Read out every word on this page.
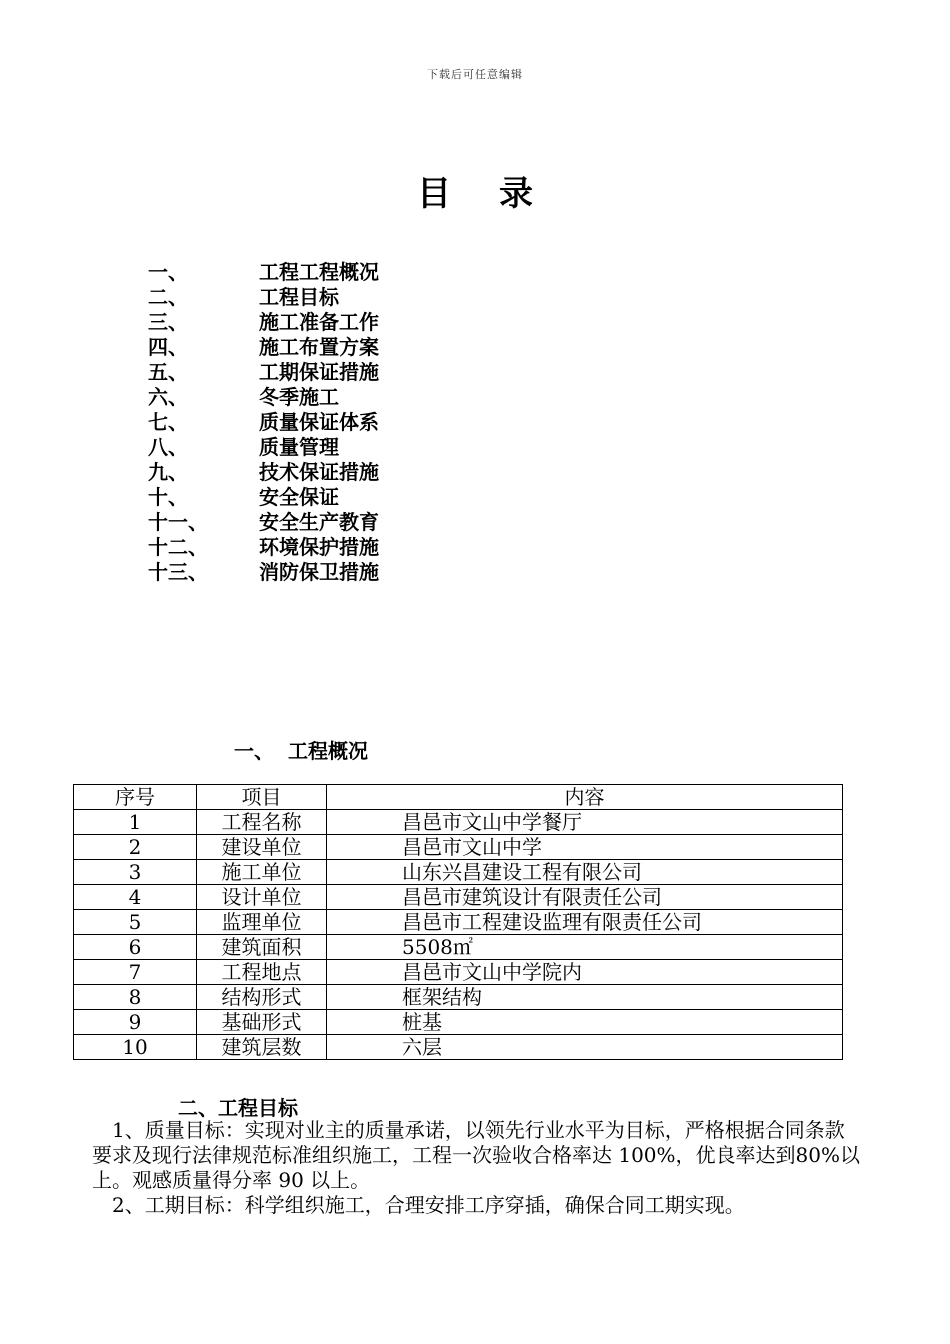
下载后可任意编辑
目 录
一、	工程工程概况
二、	工程目标
三、	施工准备工作
四、	施工布置方案
五、	工期保证措施
六、	冬季施工
七、	质量保证体系
八、	质量管理
九、	技术保证措施
十、	安全保证
十一、	安全生产教育
十二、	环境保护措施
十三、	消防保卫措施
一、 工程概况
序号	项目	内容
1	工程名称	昌邑市文山中学餐厅
2	建设单位	昌邑市文山中学
3	施工单位	山东兴昌建设工程有限公司
4	设计单位	昌邑市建筑设计有限责任公司
5	监理单位	昌邑市工程建设监理有限责任公司
6	建筑面积	5508㎡
7	工程地点	昌邑市文山中学院内
8	结构形式	框架结构
9	基础形式	桩基
10	建筑层数	六层
二、工程目标

1、质量目标：实现对业主的质量承诺，以领先行业水平为目标，严格根据合同条款要求及现行法律规范标准组织施工，工程一次验收合格率达 100%，优良率达到80%以上。观感质量得分率 90 以上。

2、工期目标：科学组织施工，合理安排工序穿插，确保合同工期实现。
